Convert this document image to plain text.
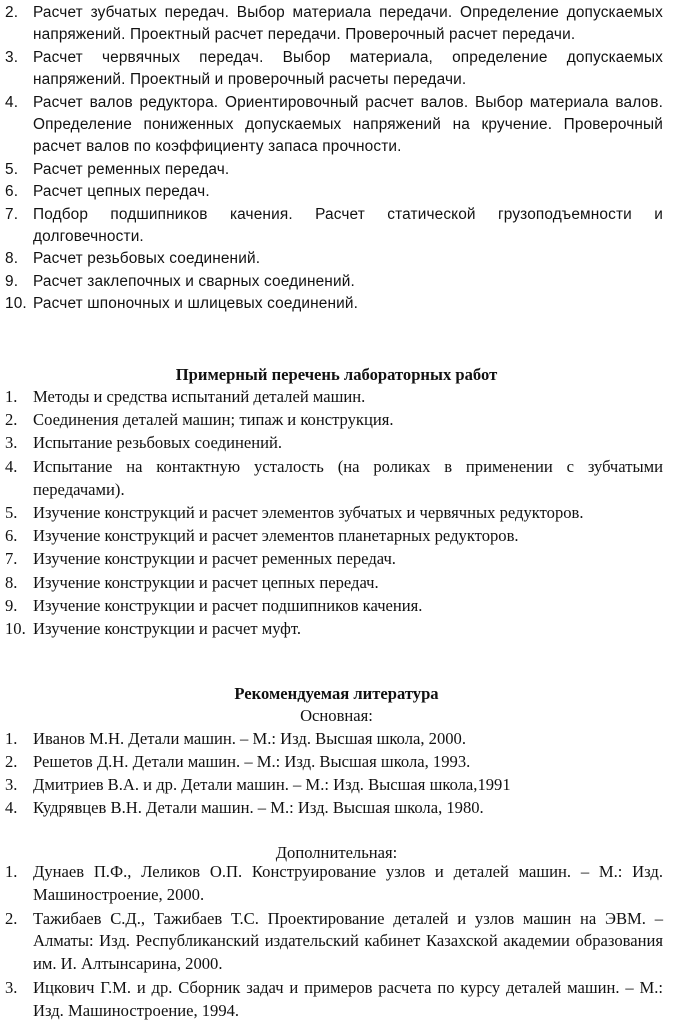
2. Расчет зубчатых передач. Выбор материала передачи. Определение допускаемых напряжений. Проектный расчет передачи. Проверочный расчет передачи.
3. Расчет червячных передач. Выбор материала, определение допускаемых напряжений. Проектный и проверочный расчеты передачи.
4. Расчет валов редуктора. Ориентировочный расчет валов. Выбор материала валов. Определение пониженных допускаемых напряжений на кручение. Проверочный расчет валов по коэффициенту запаса прочности.
5. Расчет ременных передач.
6. Расчет цепных передач.
7. Подбор подшипников качения. Расчет статической грузоподъемности и долговечности.
8. Расчет резьбовых соединений.
9. Расчет заклепочных и сварных соединений.
10. Расчет шпоночных и шлицевых соединений.
Примерный перечень лабораторных работ
1. Методы и средства испытаний деталей машин.
2. Соединения деталей машин; типаж и конструкция.
3. Испытание резьбовых соединений.
4. Испытание на контактную усталость (на роликах в применении с зубчатыми передачами).
5. Изучение конструкций и расчет элементов зубчатых и червячных редукторов.
6. Изучение конструкций и расчет элементов планетарных редукторов.
7. Изучение конструкции и расчет ременных передач.
8. Изучение конструкции и расчет цепных передач.
9. Изучение конструкции и расчет подшипников качения.
10. Изучение конструкции и расчет муфт.
Рекомендуемая литература
Основная:
1. Иванов М.Н. Детали машин. – М.: Изд. Высшая школа, 2000.
2. Решетов Д.Н. Детали машин. – М.: Изд. Высшая школа, 1993.
3. Дмитриев В.А. и др. Детали машин. – М.: Изд. Высшая школа,1991
4. Кудрявцев В.Н. Детали машин. – М.: Изд. Высшая школа, 1980.
Дополнительная:
1. Дунаев П.Ф., Леликов О.П. Конструирование узлов и деталей машин. – М.: Изд. Машиностроение, 2000.
2. Тажибаев С.Д., Тажибаев Т.С. Проектирование деталей и узлов машин на ЭВМ. – Алматы: Изд. Республиканский издательский кабинет Казахской академии образования им. И. Алтынсарина, 2000.
3. Ицкович Г.М. и др. Сборник задач и примеров расчета по курсу деталей машин. – М.: Изд. Машиностроение, 1994.
